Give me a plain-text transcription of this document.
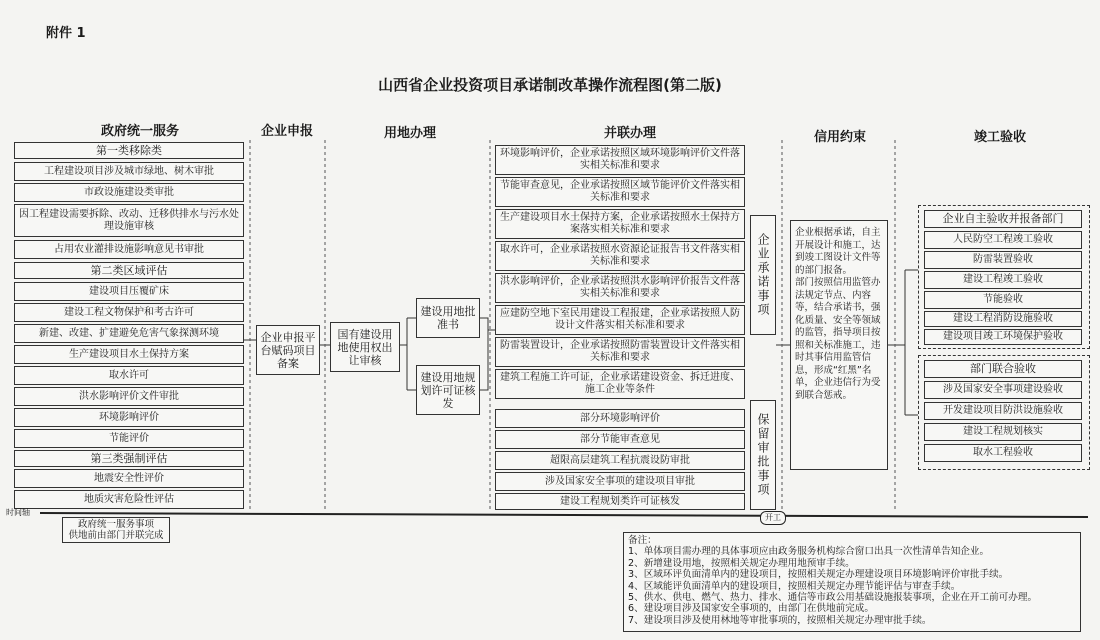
附件 1
山西省企业投资项目承诺制改革操作流程图(第二版)
政府统一服务	企业申报	用地办理	并联办理	信用约束	竣工验收
第一类移除类
工程建设项目涉及城市绿地、树木审批
市政设施建设类审批
因工程建设需要拆除、改动、迁移供排水与污水处理设施审核
占用农业灌排设施影响意见书审批
第二类区域评估
建设项目压覆矿床
建设工程文物保护和考古许可
新建、改建、扩建避免危害气象探测环境
生产建设项目水土保持方案
取水许可
洪水影响评价文件审批
环境影响评价
节能评价
第三类强制评估
地震安全性评价
地质灾害危险性评估
企业申报平台赋码项目备案
国有建设用地使用权出让审核
建设用地批准书
建设用地规划许可证核发
环境影响评价，企业承诺按照区域环境影响评价文件落实相关标准和要求
节能审查意见，企业承诺按照区域节能评价文件落实相关标准和要求
生产建设项目水土保持方案，企业承诺按照水土保持方案落实相关标准和要求
取水许可，企业承诺按照水资源论证报告书文件落实相关标准和要求
洪水影响评价，企业承诺按照洪水影响评价报告文件落实相关标准和要求
应建防空地下室民用建设工程报建，企业承诺按照人防设计文件落实相关标准和要求
防雷装置设计，企业承诺按照防雷装置设计文件落实相关标准和要求
建筑工程施工许可证，企业承诺建设资金、拆迁进度、施工企业等条件
企业承诺事项
部分环境影响评价
部分节能审查意见
超限高层建筑工程抗震设防审批
涉及国家安全事项的建设项目审批
建设工程规划类许可证核发
保留审批事项
企业根据承诺，自主开展设计和施工，达到竣工图设计文件等的部门报备。
部门按照信用监管办法规定节点、内容等，结合承诺书，强化质量、安全等领域的监管，指导项目按照和关标准施工，违时其事信用监管信息，形成“红黑”名单，企业违信行为受到联合惩戒。
企业自主验收并报备部门
人民防空工程竣工验收
防雷装置验收
建设工程竣工验收
节能验收
建设工程消防设施验收
建设项目竣工环境保护验收
部门联合验收
涉及国家安全事项建设验收
开发建设项目防洪设施验收
建设工程规划核实
取水工程验收
时间轴
开工
政府统一服务事项
供地前由部门并联完成	备注：
1、单体项目需办理的具体事项应由政务服务机构综合窗口出具一次性清单告知企业。
2、新增建设用地，按照相关规定办理用地预审手续。
3、区域环评负面清单内的建设项目，按照相关规定办理建设项目环境影响评价审批手续。
4、区域能评负面清单内的建设项目，按照相关规定办理节能评估与审查手续。
5、供水、供电、燃气、热力、排水、通信等市政公用基础设施报装事项，企业在开工前可办理。
6、建设项目涉及国家安全事项的，由部门在供地前完成。
7、建设项目涉及使用林地等审批事项的，按照相关规定办理审批手续。
